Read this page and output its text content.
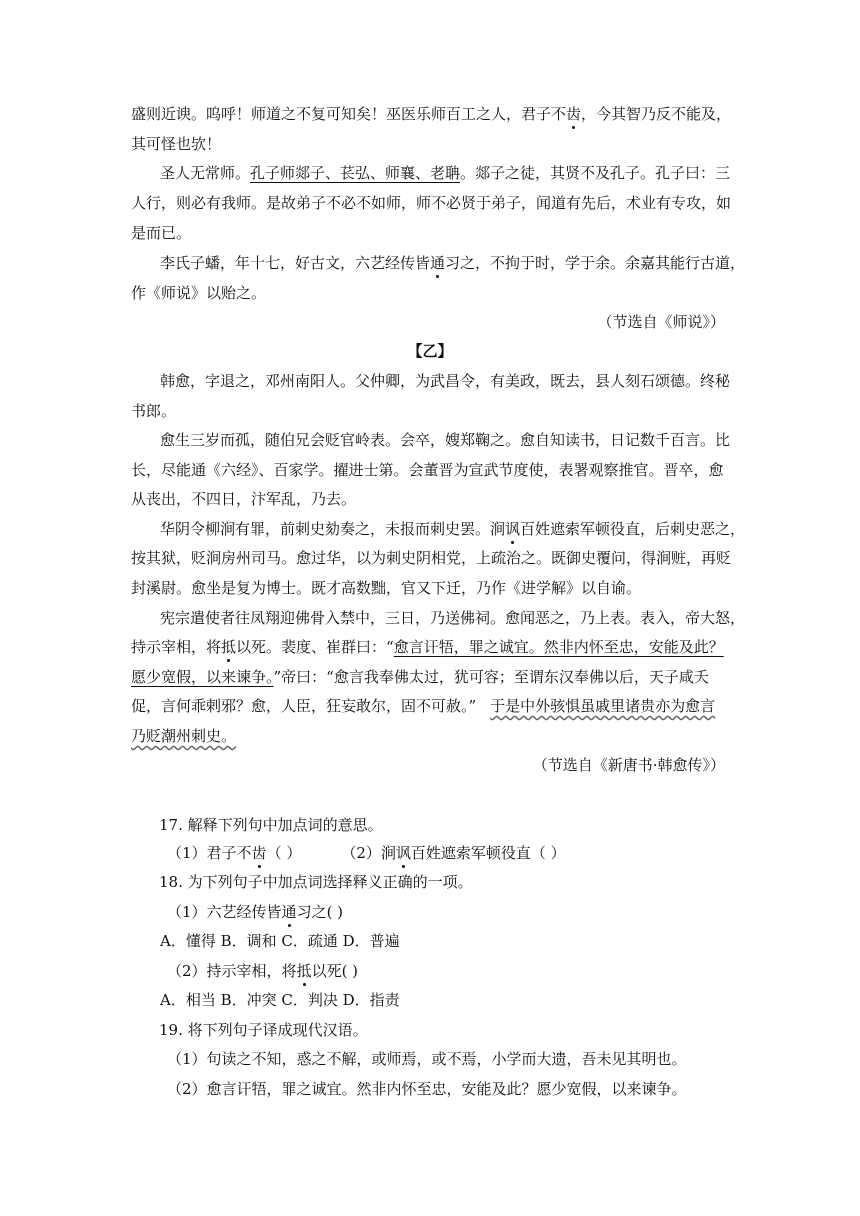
盛则近谀。呜呼！师道之不复可知矣！巫医乐师百工之人，君子不齿，今其智乃反不能及，
其可怪也欤！
圣人无常师。孔子师郯子、苌弘、师襄、老聃。郯子之徒，其贤不及孔子。孔子曰：三
人行，则必有我师。是故弟子不必不如师，师不必贤于弟子，闻道有先后，术业有专攻，如
是而已。
李氏子蟠，年十七，好古文，六艺经传皆通习之，不拘于时，学于余。余嘉其能行古道，
作《师说》以贻之。
（节选自《师说》）
【乙】
韩愈，字退之，邓州南阳人。父仲卿，为武昌令，有美政，既去，县人刻石颂德。终秘
书郎。
愈生三岁而孤，随伯兄会贬官岭表。会卒，嫂郑鞠之。愈自知读书，日记数千百言。比
长，尽能通《六经》、百家学。擢进士第。会董晋为宣武节度使，表署观察推官。晋卒，愈
从丧出，不四日，汴军乱，乃去。
华阴令柳涧有罪，前刺史劾奏之，未报而刺史罢。涧讽百姓遮索军顿役直，后刺史恶之，
按其狱，贬涧房州司马。愈过华，以为刺史阴相党，上疏治之。既御史覆问，得涧赃，再贬
封溪尉。愈坐是复为博士。既才高数黜，官又下迁，乃作《进学解》以自谕。
宪宗遣使者往凤翔迎佛骨入禁中，三日，乃送佛祠。愈闻恶之，乃上表。表入，帝大怒，
持示宰相，将抵以死。裴度、崔群曰：“愈言讦牾，罪之诚宜。然非内怀至忠，安能及此？
愿少宽假，以来谏争。”帝曰：“愈言我奉佛太过，犹可容；至谓东汉奉佛以后，天子咸夭
促，言何乖剌邪？愈，人臣，狂妄敢尔，固不可赦。” 于是中外骇惧虽戚里诸贵亦为愈言
乃贬潮州刺史。
（节选自《新唐书·韩愈传》）
17. 解释下列句中加点词的意思。
（1）君子不齿（ ）	（2）涧讽百姓遮索军顿役直（ ）
18. 为下列句子中加点词选择释义正确的一项。
（1）六艺经传皆通习之( )
A．懂得 B．调和 C．疏通 D．普遍
（2）持示宰相，将抵以死( )
A．相当 B．冲突 C．判决 D．指责
19. 将下列句子译成现代汉语。
（1）句读之不知，惑之不解，或师焉，或不焉，小学而大遗，吾未见其明也。
（2）愈言讦牾，罪之诚宜。然非内怀至忠，安能及此？愿少宽假，以来谏争。
